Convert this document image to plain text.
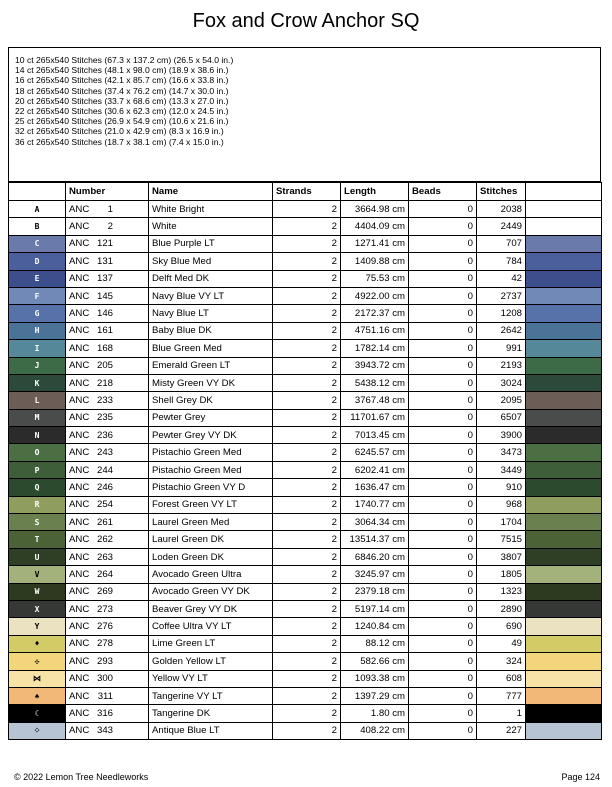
Fox and Crow Anchor SQ
10 ct 265x540 Stitches (67.3 x 137.2 cm) (26.5 x 54.0 in.)
14 ct 265x540 Stitches (48.1 x 98.0 cm) (18.9 x 38.6 in.)
16 ct 265x540 Stitches (42.1 x 85.7 cm) (16.6 x 33.8 in.)
18 ct 265x540 Stitches (37.4 x 76.2 cm) (14.7 x 30.0 in.)
20 ct 265x540 Stitches (33.7 x 68.6 cm) (13.3 x 27.0 in.)
22 ct 265x540 Stitches (30.6 x 62.3 cm) (12.0 x 24.5 in.)
25 ct 265x540 Stitches (26.9 x 54.9 cm) (10.6 x 21.6 in.)
32 ct 265x540 Stitches (21.0 x 42.9 cm) (8.3 x 16.9 in.)
36 ct 265x540 Stitches (18.7 x 38.1 cm) (7.4 x 15.0 in.)
	Number	Name	Strands	Length	Beads	Stitches	
A	ANC 1	White Bright	2	3664.98 cm	0	2038	
B	ANC 2	White	2	4404.09 cm	0	2449	
C	ANC 121	Blue Purple LT	2	1271.41 cm	0	707	
D	ANC 131	Sky Blue Med	2	1409.88 cm	0	784	
E	ANC 137	Delft Med DK	2	75.53 cm	0	42	
F	ANC 145	Navy Blue VY LT	2	4922.00 cm	0	2737	
G	ANC 146	Navy Blue LT	2	2172.37 cm	0	1208	
H	ANC 161	Baby Blue DK	2	4751.16 cm	0	2642	
I	ANC 168	Blue Green Med	2	1782.14 cm	0	991	
J	ANC 205	Emerald Green LT	2	3943.72 cm	0	2193	
K	ANC 218	Misty Green VY DK	2	5438.12 cm	0	3024	
L	ANC 233	Shell Grey DK	2	3767.48 cm	0	2095	
M	ANC 235	Pewter Grey	2	11701.67 cm	0	6507	
N	ANC 236	Pewter Grey VY DK	2	7013.45 cm	0	3900	
O	ANC 243	Pistachio Green Med	2	6245.57 cm	0	3473	
P	ANC 244	Pistachio Green Med	2	6202.41 cm	0	3449	
Q	ANC 246	Pistachio Green VY D	2	1636.47 cm	0	910	
R	ANC 254	Forest Green VY LT	2	1740.77 cm	0	968	
S	ANC 261	Laurel Green Med	2	3064.34 cm	0	1704	
T	ANC 262	Laurel Green DK	2	13514.37 cm	0	7515	
U	ANC 263	Loden Green DK	2	6846.20 cm	0	3807	
V	ANC 264	Avocado Green Ultra	2	3245.97 cm	0	1805	
W	ANC 269	Avocado Green VY DK	2	2379.18 cm	0	1323	
X	ANC 273	Beaver Grey VY DK	2	5197.14 cm	0	2890	
Y	ANC 276	Coffee Ultra VY LT	2	1240.84 cm	0	690	
♦	ANC 278	Lime Green LT	2	88.12 cm	0	49	
✣	ANC 293	Golden Yellow LT	2	582.66 cm	0	324	
⋈	ANC 300	Yellow VY LT	2	1093.38 cm	0	608	
♠	ANC 311	Tangerine VY LT	2	1397.29 cm	0	777	
☾	ANC 316	Tangerine DK	2	1.80 cm	0	1	
⁘	ANC 343	Antique Blue LT	2	408.22 cm	0	227	
© 2022 Lemon Tree Needleworks	Page 124
